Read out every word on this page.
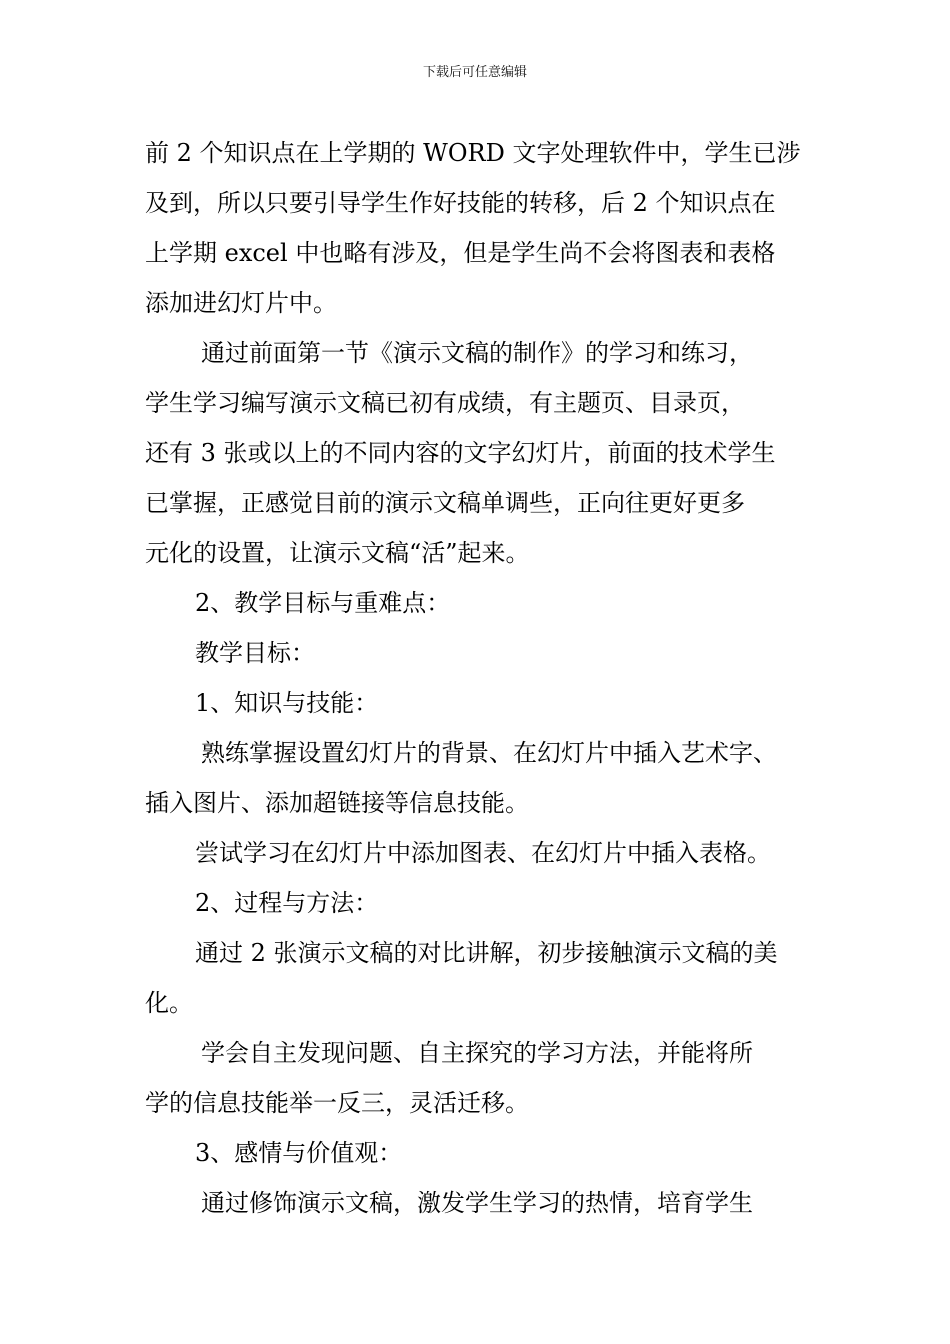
下载后可任意编辑

前 2 个知识点在上学期的 WORD 文字处理软件中，学生已涉

及到，所以只要引导学生作好技能的转移，后 2 个知识点在

上学期 excel 中也略有涉及，但是学生尚不会将图表和表格

添加进幻灯片中。

通过前面第一节《演示文稿的制作》的学习和练习，

学生学习编写演示文稿已初有成绩，有主题页、目录页，

还有 3 张或以上的不同内容的文字幻灯片，前面的技术学生

已掌握，正感觉目前的演示文稿单调些，正向往更好更多

元化的设置，让演示文稿“活”起来。

2、教学目标与重难点：

教学目标：

1、知识与技能：

熟练掌握设置幻灯片的背景、在幻灯片中插入艺术字、

插入图片、添加超链接等信息技能。

尝试学习在幻灯片中添加图表、在幻灯片中插入表格。

2、过程与方法：

通过 2 张演示文稿的对比讲解，初步接触演示文稿的美

化。

学会自主发现问题、自主探究的学习方法，并能将所

学的信息技能举一反三，灵活迁移。

3、感情与价值观：

通过修饰演示文稿，激发学生学习的热情，培育学生
